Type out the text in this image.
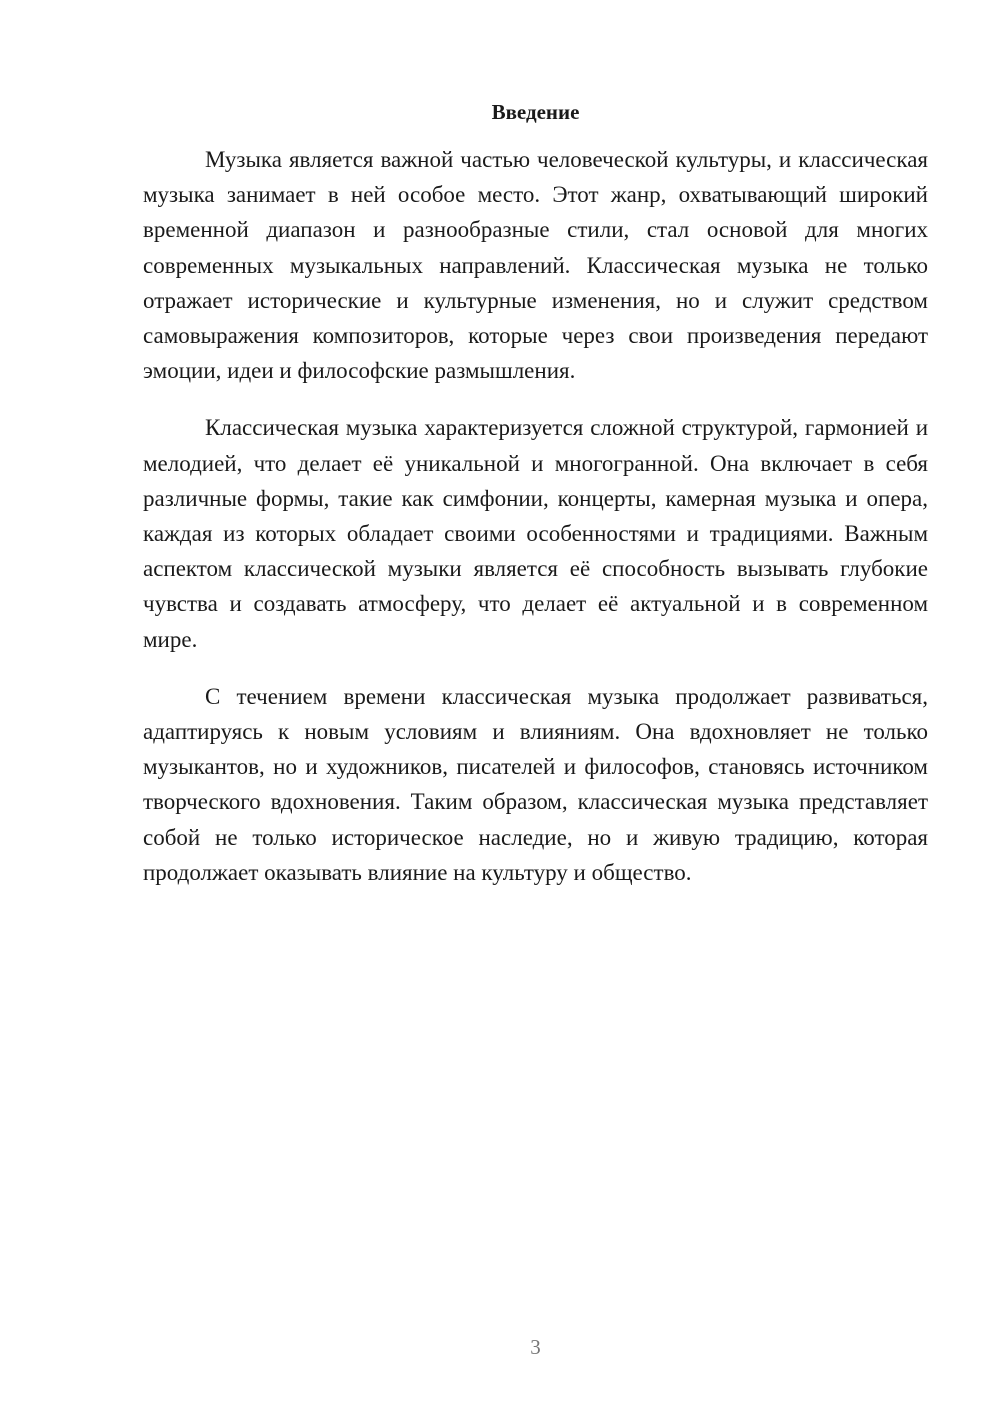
Введение

Музыка является важной частью человеческой культуры, и классическая музыка занимает в ней особое место. Этот жанр, охватывающий широкий временной диапазон и разнообразные стили, стал основой для многих современных музыкальных направлений. Классическая музыка не только отражает исторические и культурные изменения, но и служит средством самовыражения композиторов, которые через свои произведения передают эмоции, идеи и философские размышления.

Классическая музыка характеризуется сложной структурой, гармонией и мелодией, что делает её уникальной и многогранной. Она включает в себя различные формы, такие как симфонии, концерты, камерная музыка и опера, каждая из которых обладает своими особенностями и традициями. Важным аспектом классической музыки является её способность вызывать глубокие чувства и создавать атмосферу, что делает её актуальной и в современном мире.

С течением времени классическая музыка продолжает развиваться, адаптируясь к новым условиям и влияниям. Она вдохновляет не только музыкантов, но и художников, писателей и философов, становясь источником творческого вдохновения. Таким образом, классическая музыка представляет собой не только историческое наследие, но и живую традицию, которая продолжает оказывать влияние на культуру и общество.

3
